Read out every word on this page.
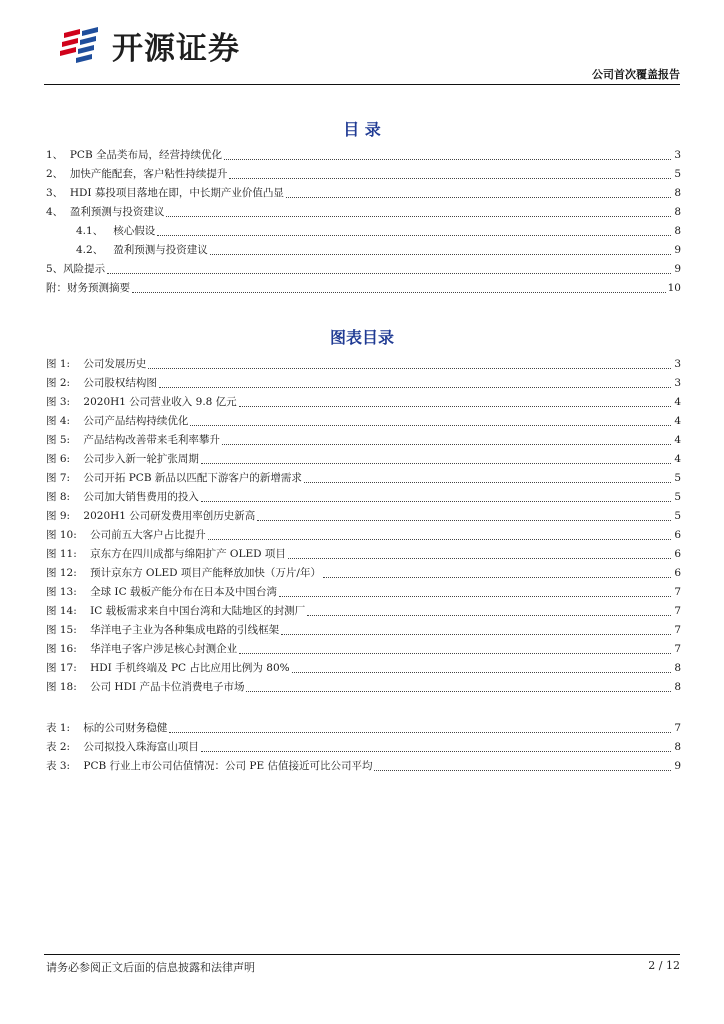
开源证券
公司首次覆盖报告
目 录
1、  PCB 全品类布局，经营持续优化	3
2、  加快产能配套，客户粘性持续提升	5
3、  HDI 募投项目落地在即，中长期产业价值凸显	8
4、  盈利预测与投资建议	8
4.1、   核心假设	8
4.2、   盈利预测与投资建议	9
5、风险提示	9
附：财务预测摘要	10
图表目录
图 1:    公司发展历史	3
图 2:    公司股权结构图	3
图 3:    2020H1 公司营业收入 9.8 亿元	4
图 4:    公司产品结构持续优化	4
图 5:    产品结构改善带来毛利率攀升	4
图 6:    公司步入新一轮扩张周期	4
图 7:    公司开拓 PCB 新品以匹配下游客户的新增需求	5
图 8:    公司加大销售费用的投入	5
图 9:    2020H1 公司研发费用率创历史新高	5
图 10:    公司前五大客户占比提升	6
图 11:    京东方在四川成都与绵阳扩产 OLED 项目	6
图 12:    预计京东方 OLED 项目产能释放加快（万片/年）	6
图 13:    全球 IC 载板产能分布在日本及中国台湾	7
图 14:    IC 载板需求来自中国台湾和大陆地区的封测厂	7
图 15:    华洋电子主业为各种集成电路的引线框架	7
图 16:    华洋电子客户涉足核心封测企业	7
图 17:    HDI 手机终端及 PC 占比应用比例为 80%	8
图 18:    公司 HDI 产品卡位消费电子市场	8
表 1:    标的公司财务稳健	7
表 2:    公司拟投入珠海富山项目	8
表 3:    PCB 行业上市公司估值情况：公司 PE 估值接近可比公司平均	9
请务必参阅正文后面的信息披露和法律声明	2 / 12
